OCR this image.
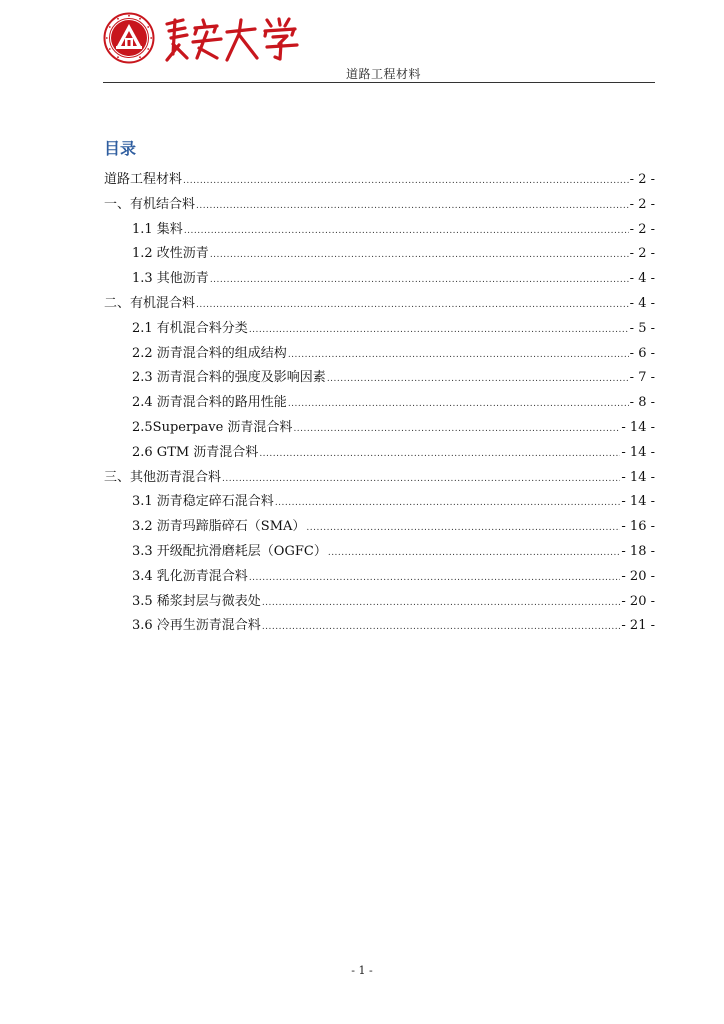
道路工程材料
目录
道路工程材料 .....	- 2 -
一、有机结合料 .....	- 2 -
1.1 集料 .....	- 2 -
1.2 改性沥青 .....	- 2 -
1.3 其他沥青 .....	- 4 -
二、有机混合料 .....	- 4 -
2.1 有机混合料分类 .....	- 5 -
2.2 沥青混合料的组成结构 .....	- 6 -
2.3 沥青混合料的强度及影响因素 .....	- 7 -
2.4 沥青混合料的路用性能 .....	- 8 -
2.5Superpave 沥青混合料 .....	- 14 -
2.6 GTM 沥青混合料 .....	- 14 -
三、其他沥青混合料 .....	- 14 -
3.1 沥青稳定碎石混合料 .....	- 14 -
3.2 沥青玛蹄脂碎石（SMA） .....	- 16 -
3.3 开级配抗滑磨耗层（OGFC） .....	- 18 -
3.4 乳化沥青混合料 .....	- 20 -
3.5 稀浆封层与微表处 .....	- 20 -
3.6 冷再生沥青混合料 .....	- 21 -
- 1 -
